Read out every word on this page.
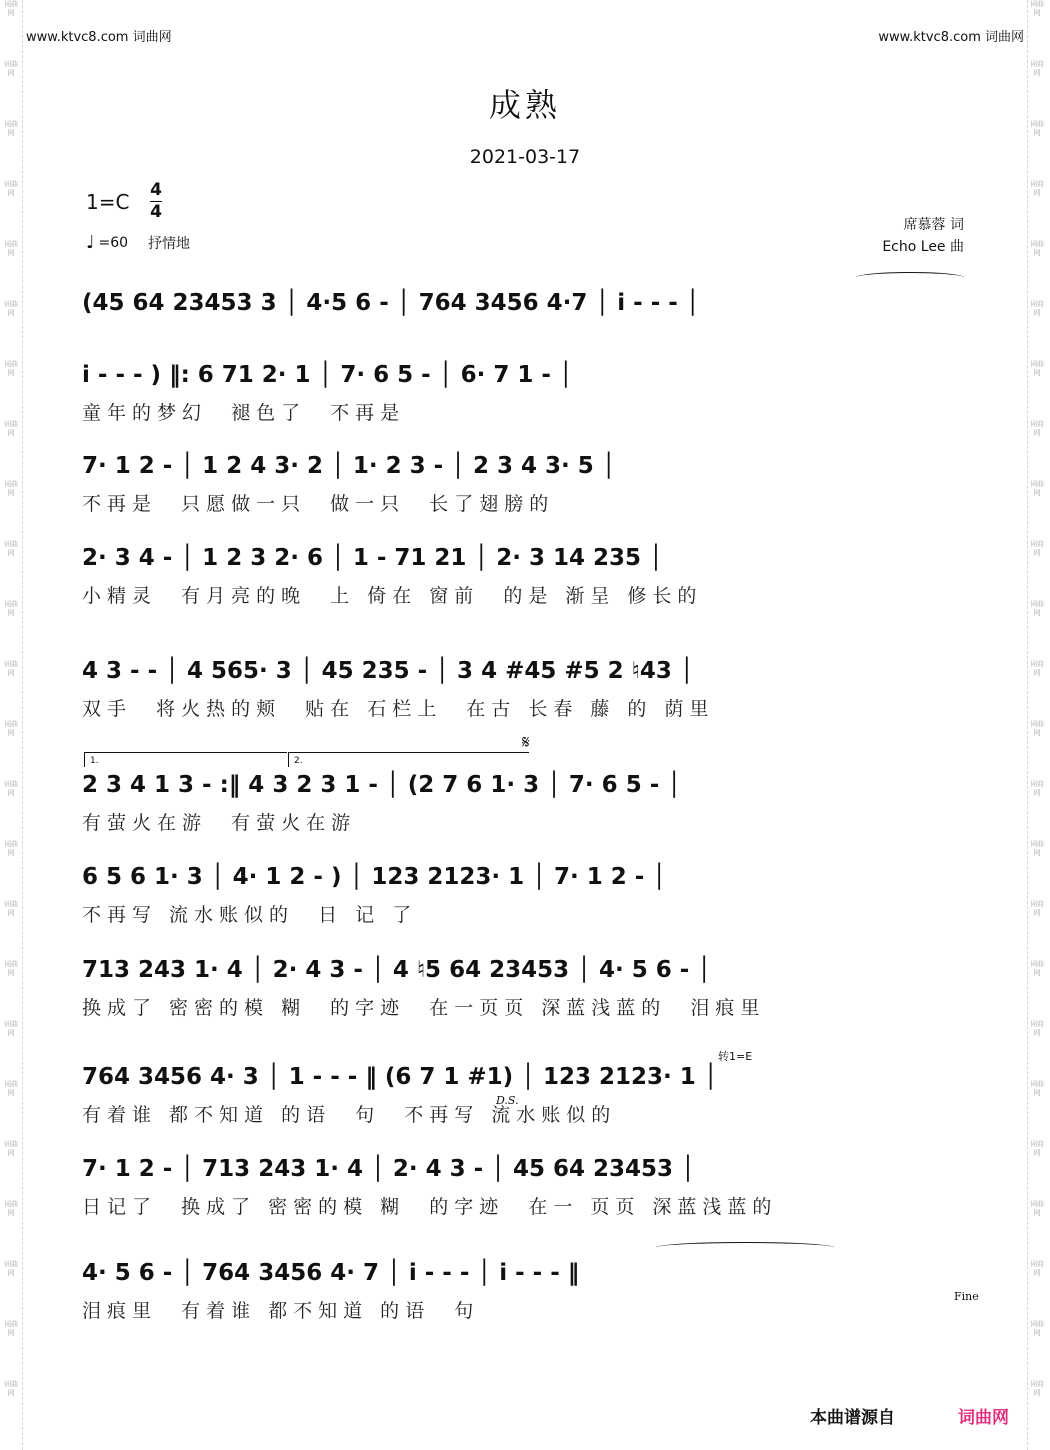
词曲网
词曲网
词曲网
词曲网
词曲网
词曲网
词曲网
词曲网
词曲网
词曲网
词曲网
词曲网
词曲网
词曲网
词曲网
词曲网
词曲网
词曲网
词曲网
词曲网
词曲网
词曲网
词曲网
词曲网
词曲网
词曲网
词曲网
词曲网
词曲网
词曲网
词曲网
词曲网
词曲网
词曲网
词曲网
词曲网
词曲网
词曲网
词曲网
词曲网
词曲网
词曲网
词曲网
词曲网
词曲网
词曲网
词曲网
词曲网
www.ktvc8.com 词曲网	www.ktvc8.com 词曲网
成熟
2021-03-17
1=C 4
4
♩ =60 抒情地
席慕蓉 词
Echo Lee 曲
1.	2.
𝄋
D.S.
转1=E
Fine
(45 64 23453 3 │ 4·5 6 - │ 764 3456 4·7 │ i - - - │
i - - - ) ‖: 6 71 2· 1 │ 7· 6 5 - │ 6· 7 1 - │
童年的梦幻  褪色了  不再是
7· 1 2 - │ 1 2 4 3· 2 │ 1· 2 3 - │ 2 3 4 3· 5 │
不再是  只愿做一只  做一只  长了翅膀的
2· 3 4 - │ 1 2 3 2· 6 │ 1 - 71 21 │ 2· 3 14 235 │
小精灵  有月亮的晚  上 倚在 窗前  的是 渐呈 修长的
4 3 - - │ 4 565· 3 │ 45 235 - │ 3 4 #45 #5 2 ♮43 │
双手  将火热的颊  贴在 石栏上  在古 长春 藤 的 荫里
2 3 4 1 3 - :‖ 4 3 2 3 1 - │ (2 7 6 1· 3 │ 7· 6 5 - │
有萤火在游  有萤火在游
6 5 6 1· 3 │ 4· 1 2 - ) │ 123 2123· 1 │ 7· 1 2 - │
不再写 流水账似的  日 记 了
713 243 1· 4 │ 2· 4 3 - │ 4 ♮5 64 23453 │ 4· 5 6 - │
换成了 密密的模 糊  的字迹  在一页页 深蓝浅蓝的  泪痕里
764 3456 4· 3 │ 1 - - - ‖ (6 7 1 #1) │ 123 2123· 1 │
有着谁 都不知道 的语  句  不再写 流水账似的
7· 1 2 - │ 713 243 1· 4 │ 2· 4 3 - │ 45 64 23453 │
日记了  换成了 密密的模 糊  的字迹  在一 页页 深蓝浅蓝的
4· 5 6 - │ 764 3456 4· 7 │ i - - - │ i - - - ‖
泪痕里  有着谁 都不知道 的语  句
本曲谱源自	词曲网
